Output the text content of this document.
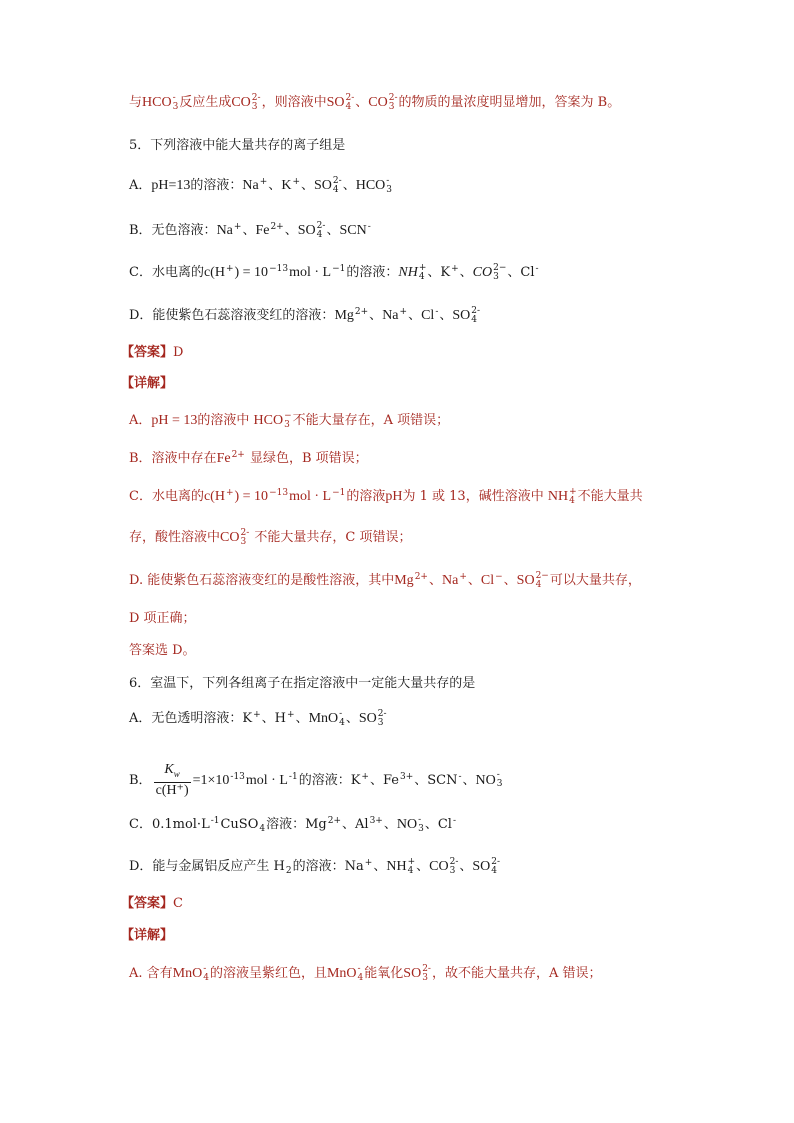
与HCO -
3 反应生成CO 2-
3 ，则溶液中SO 2-
4 、CO 2-
3 的物质的量浓度明显增加，答案为 B。
5．下列溶液中能大量共存的离子组是
A．pH=13的溶液：Na + 、K + 、SO 2-
4 、HCO -
3
B．无色溶液：Na + 、Fe 2+ 、SO 2-
4 、SCN -
C．水电离的c(H + ) = 10 −13 mol · L −1 的溶液：NH +
4 、K + 、CO 2−
3 、Cl -
D．能使紫色石蕊溶液变红的溶液：Mg 2+ 、Na + 、Cl - 、SO 2-
4
【答案】D
【详解】
A．pH = 13的溶液中 HCO −
3 不能大量存在，A 项错误；
B．溶液中存在Fe 2+ 显绿色，B 项错误；
C．水电离的c(H + ) = 10 −13 mol · L −1 的溶液pH为 1 或 13，碱性溶液中 NH +
4 不能大量共
存，酸性溶液中CO 2-
3 不能大量共存，C 项错误；
D. 能使紫色石蕊溶液变红的是酸性溶液，其中Mg 2+ 、Na + 、Cl − 、SO 2−
4 可以大量共存，
D 项正确；
答案选 D。
6．室温下，下列各组离子在指定溶液中一定能大量共存的是
A．无色透明溶液：K + 、H + 、MnO -
4 、SO 2-
3
B． $\frac{K_w}{c(H^+)} =1\times 10$ -13 mol · L -1 的溶液：K + 、Fe 3+ 、SCN - 、NO -
3
C．0.1mol·L -1 CuSO 4 溶液：Mg 2+ 、Al 3+ 、NO -
3 、Cl -
D．能与金属铝反应产生 H 2 的溶液：Na + 、NH +
4 、CO 2-
3 、SO 2-
4
【答案】C
【详解】
A. 含有MnO -
4 的溶液呈紫红色，且MnO -
4 能氧化SO 2-
3 ，故不能大量共存，A 错误；
